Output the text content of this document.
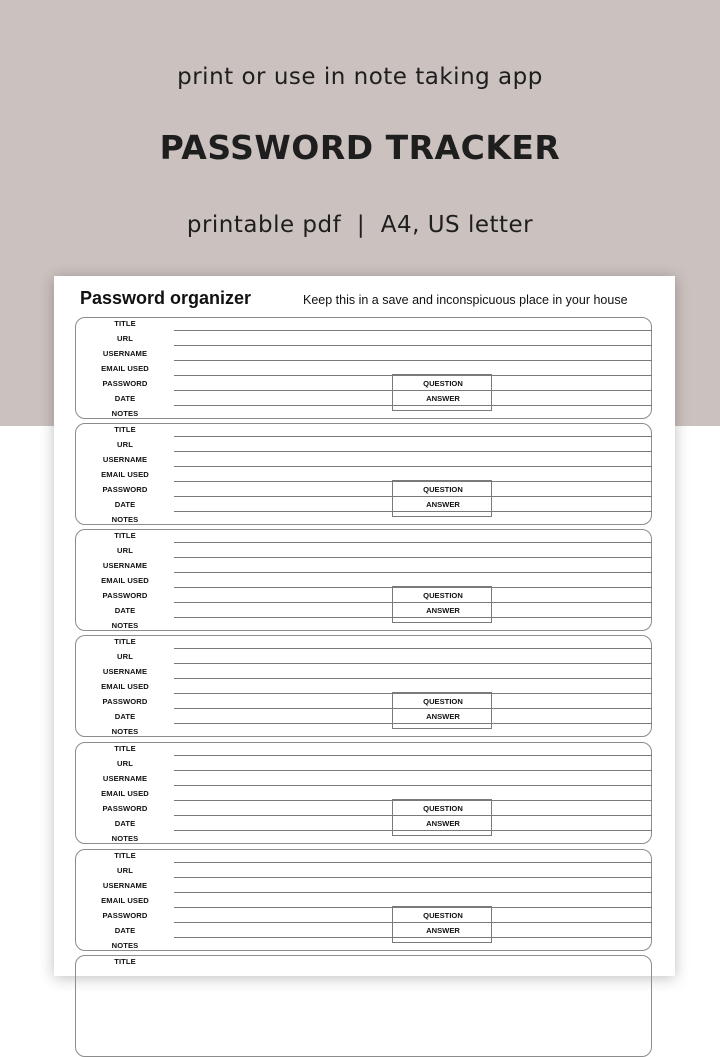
print or use in note taking app
PASSWORD TRACKER
printable pdf  |  A4, US letter
Password organizer	Keep this in a save and inconspicuous place in your house
TITLE
URL
USERNAME
EMAIL USED
PASSWORD
DATE
NOTES
QUESTION
ANSWER
TITLE
URL
USERNAME
EMAIL USED
PASSWORD
DATE
NOTES
QUESTION
ANSWER
TITLE
URL
USERNAME
EMAIL USED
PASSWORD
DATE
NOTES
QUESTION
ANSWER
TITLE
URL
USERNAME
EMAIL USED
PASSWORD
DATE
NOTES
QUESTION
ANSWER
TITLE
URL
USERNAME
EMAIL USED
PASSWORD
DATE
NOTES
QUESTION
ANSWER
TITLE
URL
USERNAME
EMAIL USED
PASSWORD
DATE
NOTES
QUESTION
ANSWER
TITLE
